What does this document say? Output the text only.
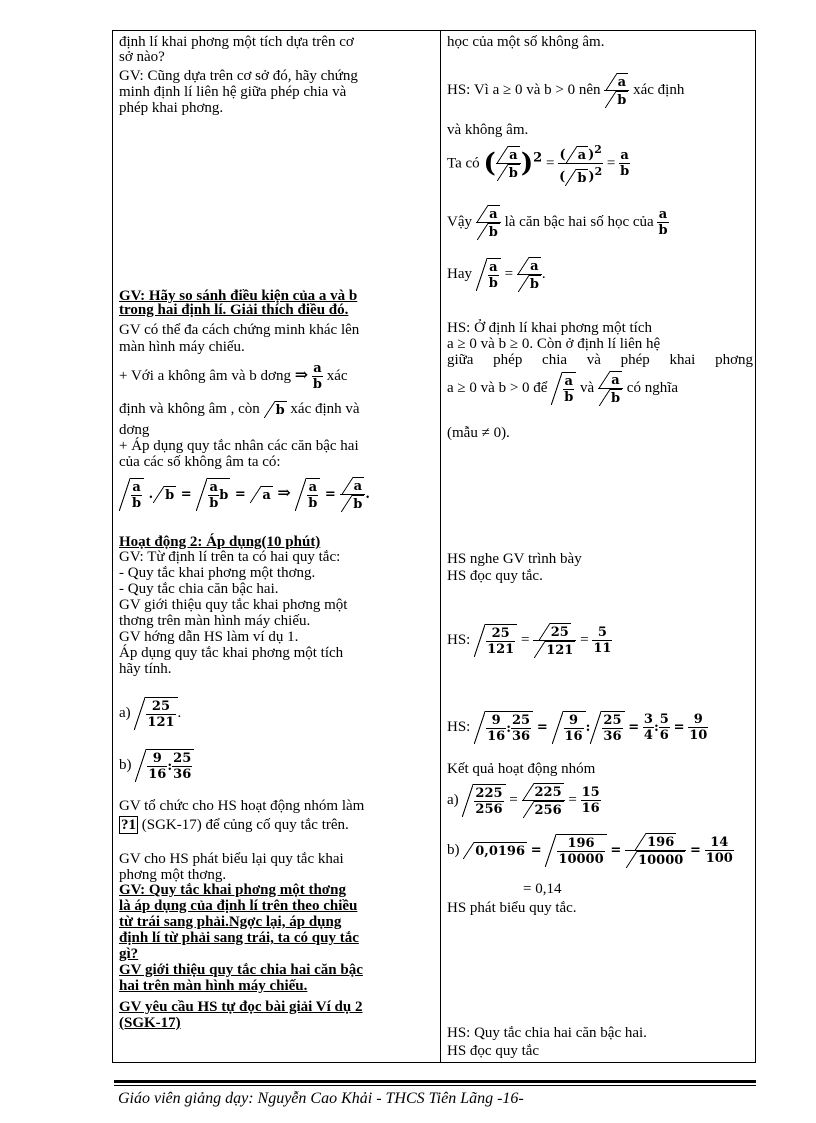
định lí khai phơng một tích dựa trên cơ
sở nào?
GV: Cũng dựa trên cơ sở đó, hãy chứng
minh định lí liên hệ giữa phép chia và
phép khai phơng.
GV: Hãy so sánh điều kiện của a và b
trong hai định lí. Giải thích điều đó.
GV có thể đa cách chứng minh khác lên
màn hình máy chiếu.
+ Với a không âm và b dơng ⇒ $\frac{a}{b}$ xác
định và không âm , còn b xác định và
dơng
+ Áp dụng quy tắc nhân các căn bậc hai
của các số không âm ta có:
$\frac{a}{b}$ . $b = \frac{a}{b}$ b = a ⇒ $\frac{a}{b} = \frac{a}{b}$ .
Hoạt động 2: Áp dụng(10 phút)
GV: Từ định lí trên ta có hai quy tắc:
- Quy tắc khai phơng một thơng.
- Quy tắc chia căn bậc hai.
GV giới thiệu quy tắc khai phơng một
thơng trên màn hình máy chiếu.
GV hớng dẫn HS làm ví dụ 1.
Áp dụng quy tắc khai phơng một tích
hãy tính.
$a) \frac{25}{121}$ .
$b) \frac{9}{16}$ : $\frac{25}{36}$
GV tổ chức cho HS hoạt động nhóm làm
?1 (SGK-17) để củng cố quy tắc trên.
GV cho HS phát biểu lại quy tắc khai
phơng một thơng.
GV: Quy tắc khai phơng một thơng
là áp dụng của định lí trên theo chiều
từ trái sang phải.Ngợc lại, áp dụng
định lí từ phải sang trái, ta có quy tắc
gì?
GV giới thiệu quy tắc chia hai căn bậc
hai trên màn hình máy chiếu.
GV yêu cầu HS tự đọc bài giải Ví dụ 2
(SGK-17)
học của một số không âm.
HS: Vì a ≥ 0 và b > 0 nên $\frac{a}{b}$ xác định
và không âm.
Ta có ( $\frac{a}{b} )^2 = \frac{( a )^2}{( b )^2} = \frac{a}{b}$
Vậy $\frac{a}{b}$ là căn bậc hai số học của $\frac{a}{b}$
Hay $\frac{a}{b} = \frac{a}{b}$ .
HS: Ở định lí khai phơng một tích
a ≥ 0 và b ≥ 0. Còn ở định lí liên hệ
giữa phép chia và phép khai phơng
a ≥ 0 và b > 0 để $\frac{a}{b}$ và $\frac{a}{b}$ có nghĩa
(mẫu ≠ 0).
HS nghe GV trình bày
HS đọc quy tắc.
HS: $\frac{25}{121} = \frac{25}{121} = \frac{5}{11}$
HS: $\frac{9}{16}$ : $\frac{25}{36} = \frac{9}{16}$ : $\frac{25}{36} = \frac{3}{4}$ : $\frac{5}{6} = \frac{9}{10}$
Kết quả hoạt động nhóm
$a) \frac{225}{256} = \frac{225}{256} = \frac{15}{16}$
b) $0,0196 = \frac{196}{10000} = \frac{196}{10000} = \frac{14}{100}$
= 0,14
HS phát biểu quy tắc.
HS: Quy tắc chia hai căn bậc hai.
HS đọc quy tắc
Giáo viên giảng dạy: Nguyễn Cao Khải - THCS Tiên Lãng -16-
